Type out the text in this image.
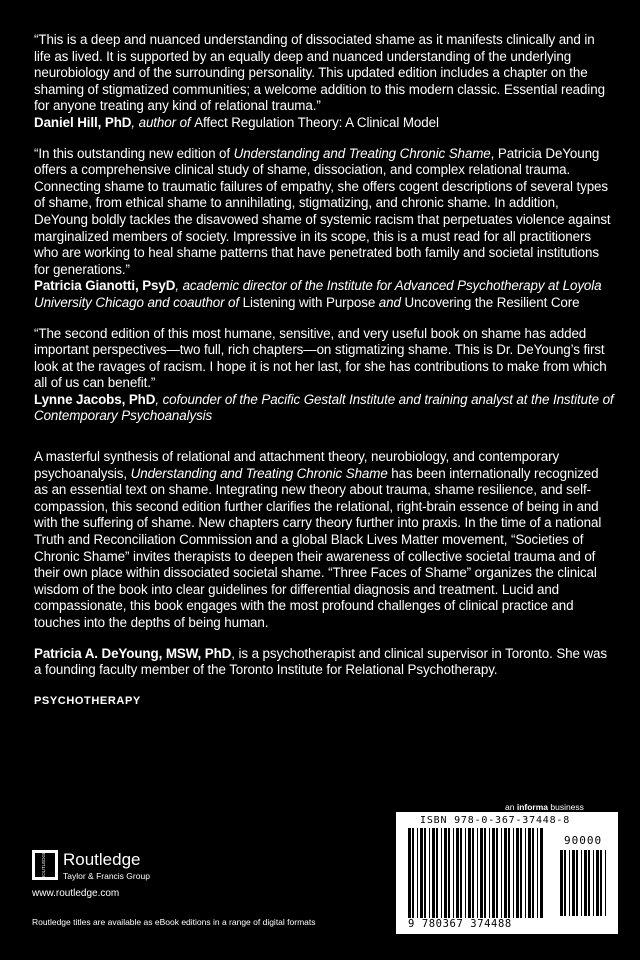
“This is a deep and nuanced understanding of dissociated shame as it manifests clinically and in life as lived. It is supported by an equally deep and nuanced understanding of the underlying neurobiology and of the surrounding personality. This updated edition includes a chapter on the shaming of stigmatized communities; a welcome addition to this modern classic. Essential reading for anyone treating any kind of relational trauma.”

Daniel Hill, PhD, author of Affect Regulation Theory: A Clinical Model

“In this outstanding new edition of Understanding and Treating Chronic Shame, Patricia DeYoung offers a comprehensive clinical study of shame, dissociation, and complex relational trauma. Connecting shame to traumatic failures of empathy, she offers cogent descriptions of several types of shame, from ethical shame to annihilating, stigmatizing, and chronic shame. In addition, DeYoung boldly tackles the disavowed shame of systemic racism that perpetuates violence against marginalized members of society. Impressive in its scope, this is a must read for all practitioners who are working to heal shame patterns that have penetrated both family and societal institutions for generations.”

Patricia Gianotti, PsyD, academic director of the Institute for Advanced Psychotherapy at Loyola University Chicago and coauthor of Listening with Purpose and Uncovering the Resilient Core

“The second edition of this most humane, sensitive, and very useful book on shame has added important perspectives—two full, rich chapters—on stigmatizing shame. This is Dr. DeYoung’s first look at the ravages of racism. I hope it is not her last, for she has contributions to make from which all of us can benefit.”

Lynne Jacobs, PhD, cofounder of the Pacific Gestalt Institute and training analyst at the Institute of Contemporary Psychoanalysis

A masterful synthesis of relational and attachment theory, neurobiology, and contemporary psychoanalysis, Understanding and Treating Chronic Shame has been internationally recognized as an essential text on shame. Integrating new theory about trauma, shame resilience, and self-compassion, this second edition further clarifies the relational, right-brain essence of being in and with the suffering of shame. New chapters carry theory further into praxis. In the time of a national Truth and Reconciliation Commission and a global Black Lives Matter movement, “Societies of Chronic Shame” invites therapists to deepen their awareness of collective societal trauma and of their own place within dissociated societal shame. “Three Faces of Shame” organizes the clinical wisdom of the book into clear guidelines for differential diagnosis and treatment. Lucid and compassionate, this book engages with the most profound challenges of clinical practice and touches into the depths of being human.

Patricia A. DeYoung, MSW, PhD, is a psychotherapist and clinical supervisor in Toronto. She was a founding faculty member of the Toronto Institute for Relational Psychotherapy.

PSYCHOTHERAPY

an informa business
ISBN 978-0-367-37448-8
90000
9 780367 374488
ROUTLEDGE Routledge
Taylor & Francis Group
www.routledge.com
Routledge titles are available as eBook editions in a range of digital formats
